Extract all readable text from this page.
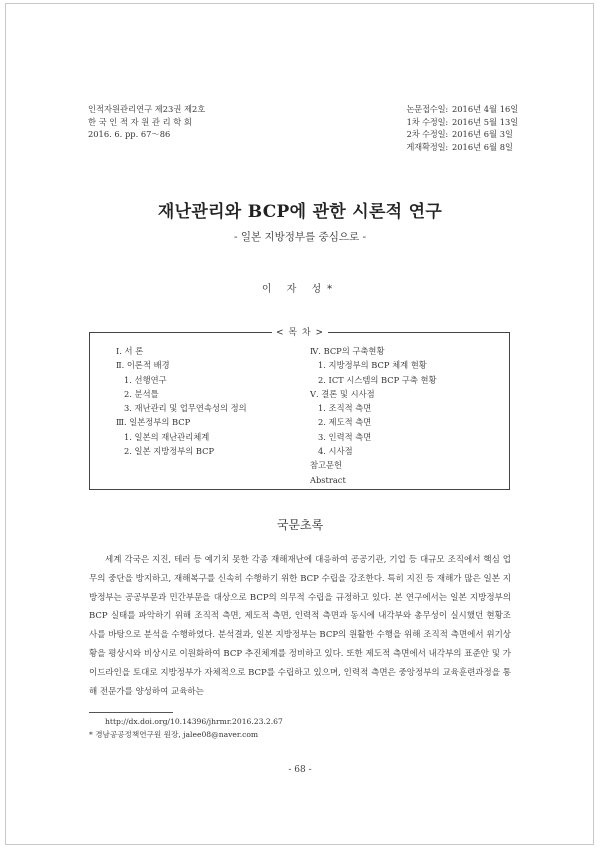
인적자원관리연구 제23권 제2호
한 국 인 적 자 원 관 리 학 회
2016. 6. pp. 67～86
논문접수일: 2016년 4월 16일
1차 수정일: 2016년 5월 13일
2차 수정일: 2016년 6월 3일
게재확정일: 2016년 6월 8일
재난관리와 BCP에 관한 시론적 연구
- 일본 지방정부를 중심으로 -
이 자 성*
< 목 차 >
Ⅰ. 서 론
Ⅱ. 이론적 배경
1. 선행연구
2. 분석틀
3. 재난관리 및 업무연속성의 정의
Ⅲ. 일본정부의 BCP
1. 일본의 재난관리체계
2. 일본 지방정부의 BCP
Ⅳ. BCP의 구축현황
1. 지방정부의 BCP 체계 현황
2. ICT 시스템의 BCP 구축 현황
Ⅴ. 결론 및 시사점
1. 조직적 측면
2. 제도적 측면
3. 인력적 측면
4. 시사점
참고문헌
Abstract
국문초록

세계 각국은 지진, 테러 등 예기치 못한 각종 재해재난에 대응하여 공공기관, 기업 등 대규모 조직에서 핵심 업무의 중단을 방지하고, 재해복구를 신속히 수행하기 위한 BCP 수립을 강조한다. 특히 지진 등 재해가 많은 일본 지방정부는 공공부문과 민간부문을 대상으로 BCP의 의무적 수립을 규정하고 있다. 본 연구에서는 일본 지방정부의 BCP 실태를 파악하기 위해 조직적 측면, 제도적 측면, 인력적 측면과 동시에 내각부와 총무성이 실시했던 현황조사를 바탕으로 분석을 수행하였다. 분석결과, 일본 지방정부는 BCP의 원활한 수행을 위해 조직적 측면에서 위기상황을 평상시와 비상시로 이원화하여 BCP 추진체계를 정비하고 있다. 또한 제도적 측면에서 내각부의 표준안 및 가이드라인을 토대로 지방정부가 자체적으로 BCP를 수립하고 있으며, 인력적 측면은 중앙정부의 교육훈련과정을 통해 전문가를 양성하여 교육하는

http://dx.doi.org/10.14396/jhrmr.2016.23.2.67
* 경남공공정책연구원 원장, jalee08@naver.com
- 68 -
